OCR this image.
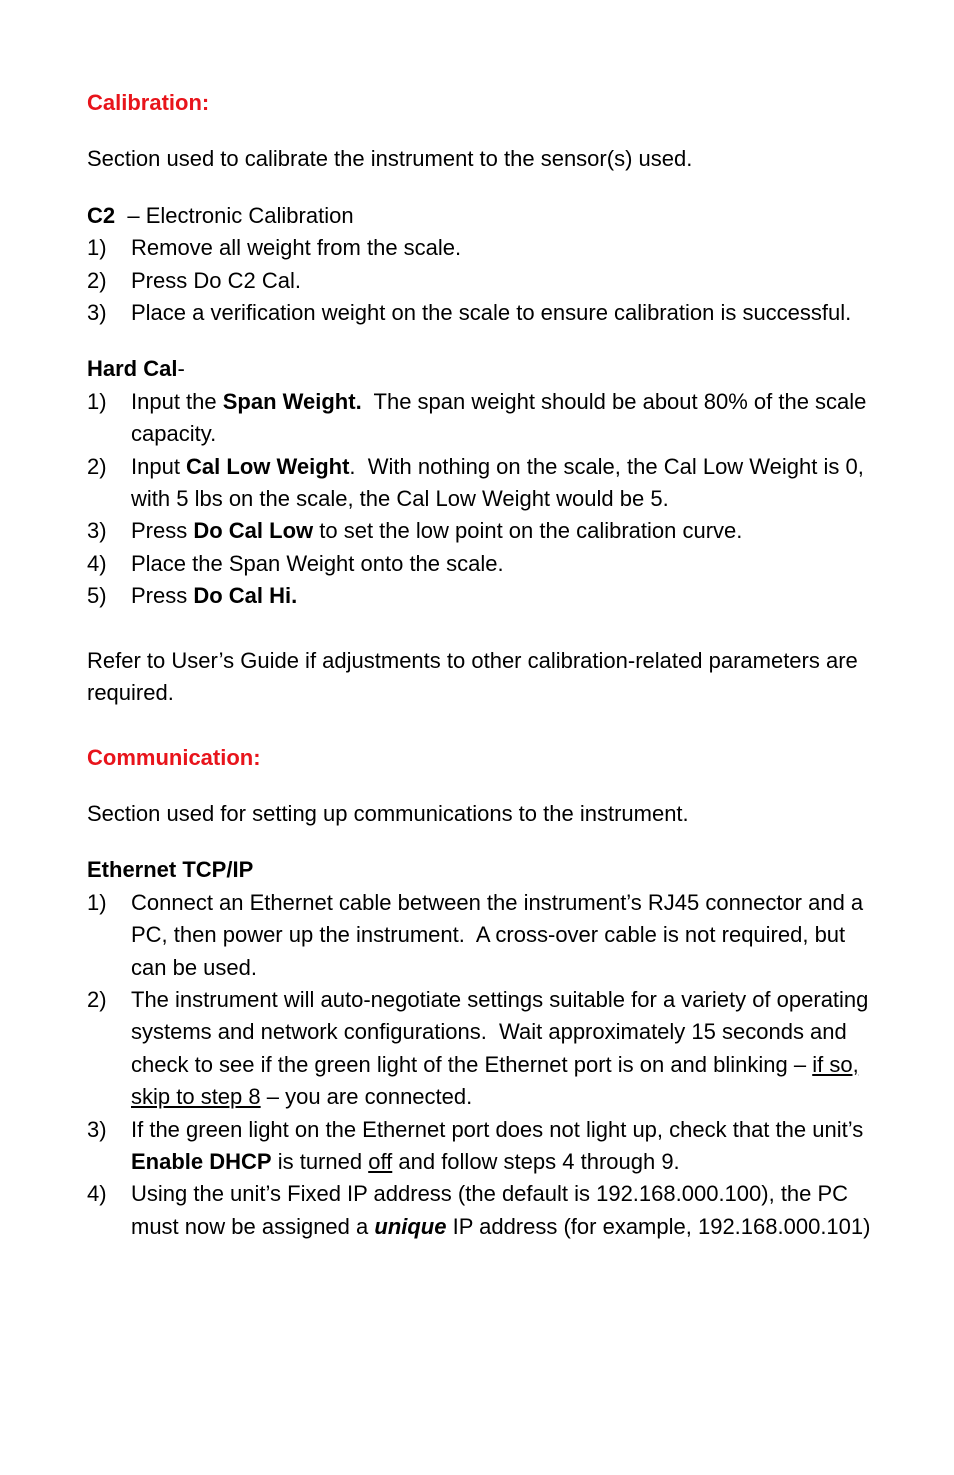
Calibration:

Section used to calibrate the instrument to the sensor(s) used.

C2  – Electronic Calibration

1) Remove all weight from the scale.
2) Press Do C2 Cal.
3) Place a verification weight on the scale to ensure calibration is successful.

Hard Cal-

1) Input the Span Weight.  The span weight should be about 80% of the scale capacity.
2) Input Cal Low Weight.  With nothing on the scale, the Cal Low Weight is 0, with 5 lbs on the scale, the Cal Low Weight would be 5.
3) Press Do Cal Low to set the low point on the calibration curve.
4) Place the Span Weight onto the scale.
5) Press Do Cal Hi.

Refer to User’s Guide if adjustments to other calibration-related parameters are required.

Communication:

Section used for setting up communications to the instrument.

Ethernet TCP/IP

1) Connect an Ethernet cable between the instrument’s RJ45 connector and a PC, then power up the instrument.  A cross-over cable is not required, but can be used.
2) The instrument will auto-negotiate settings suitable for a variety of operating systems and network configurations.  Wait approximately 15 seconds and check to see if the green light of the Ethernet port is on and blinking – if so, skip to step 8 – you are connected.
3) If the green light on the Ethernet port does not light up, check that the unit’s Enable DHCP is turned off and follow steps 4 through 9.
4) Using the unit’s Fixed IP address (the default is 192.168.000.100), the PC must now be assigned a unique IP address (for example, 192.168.000.101)
